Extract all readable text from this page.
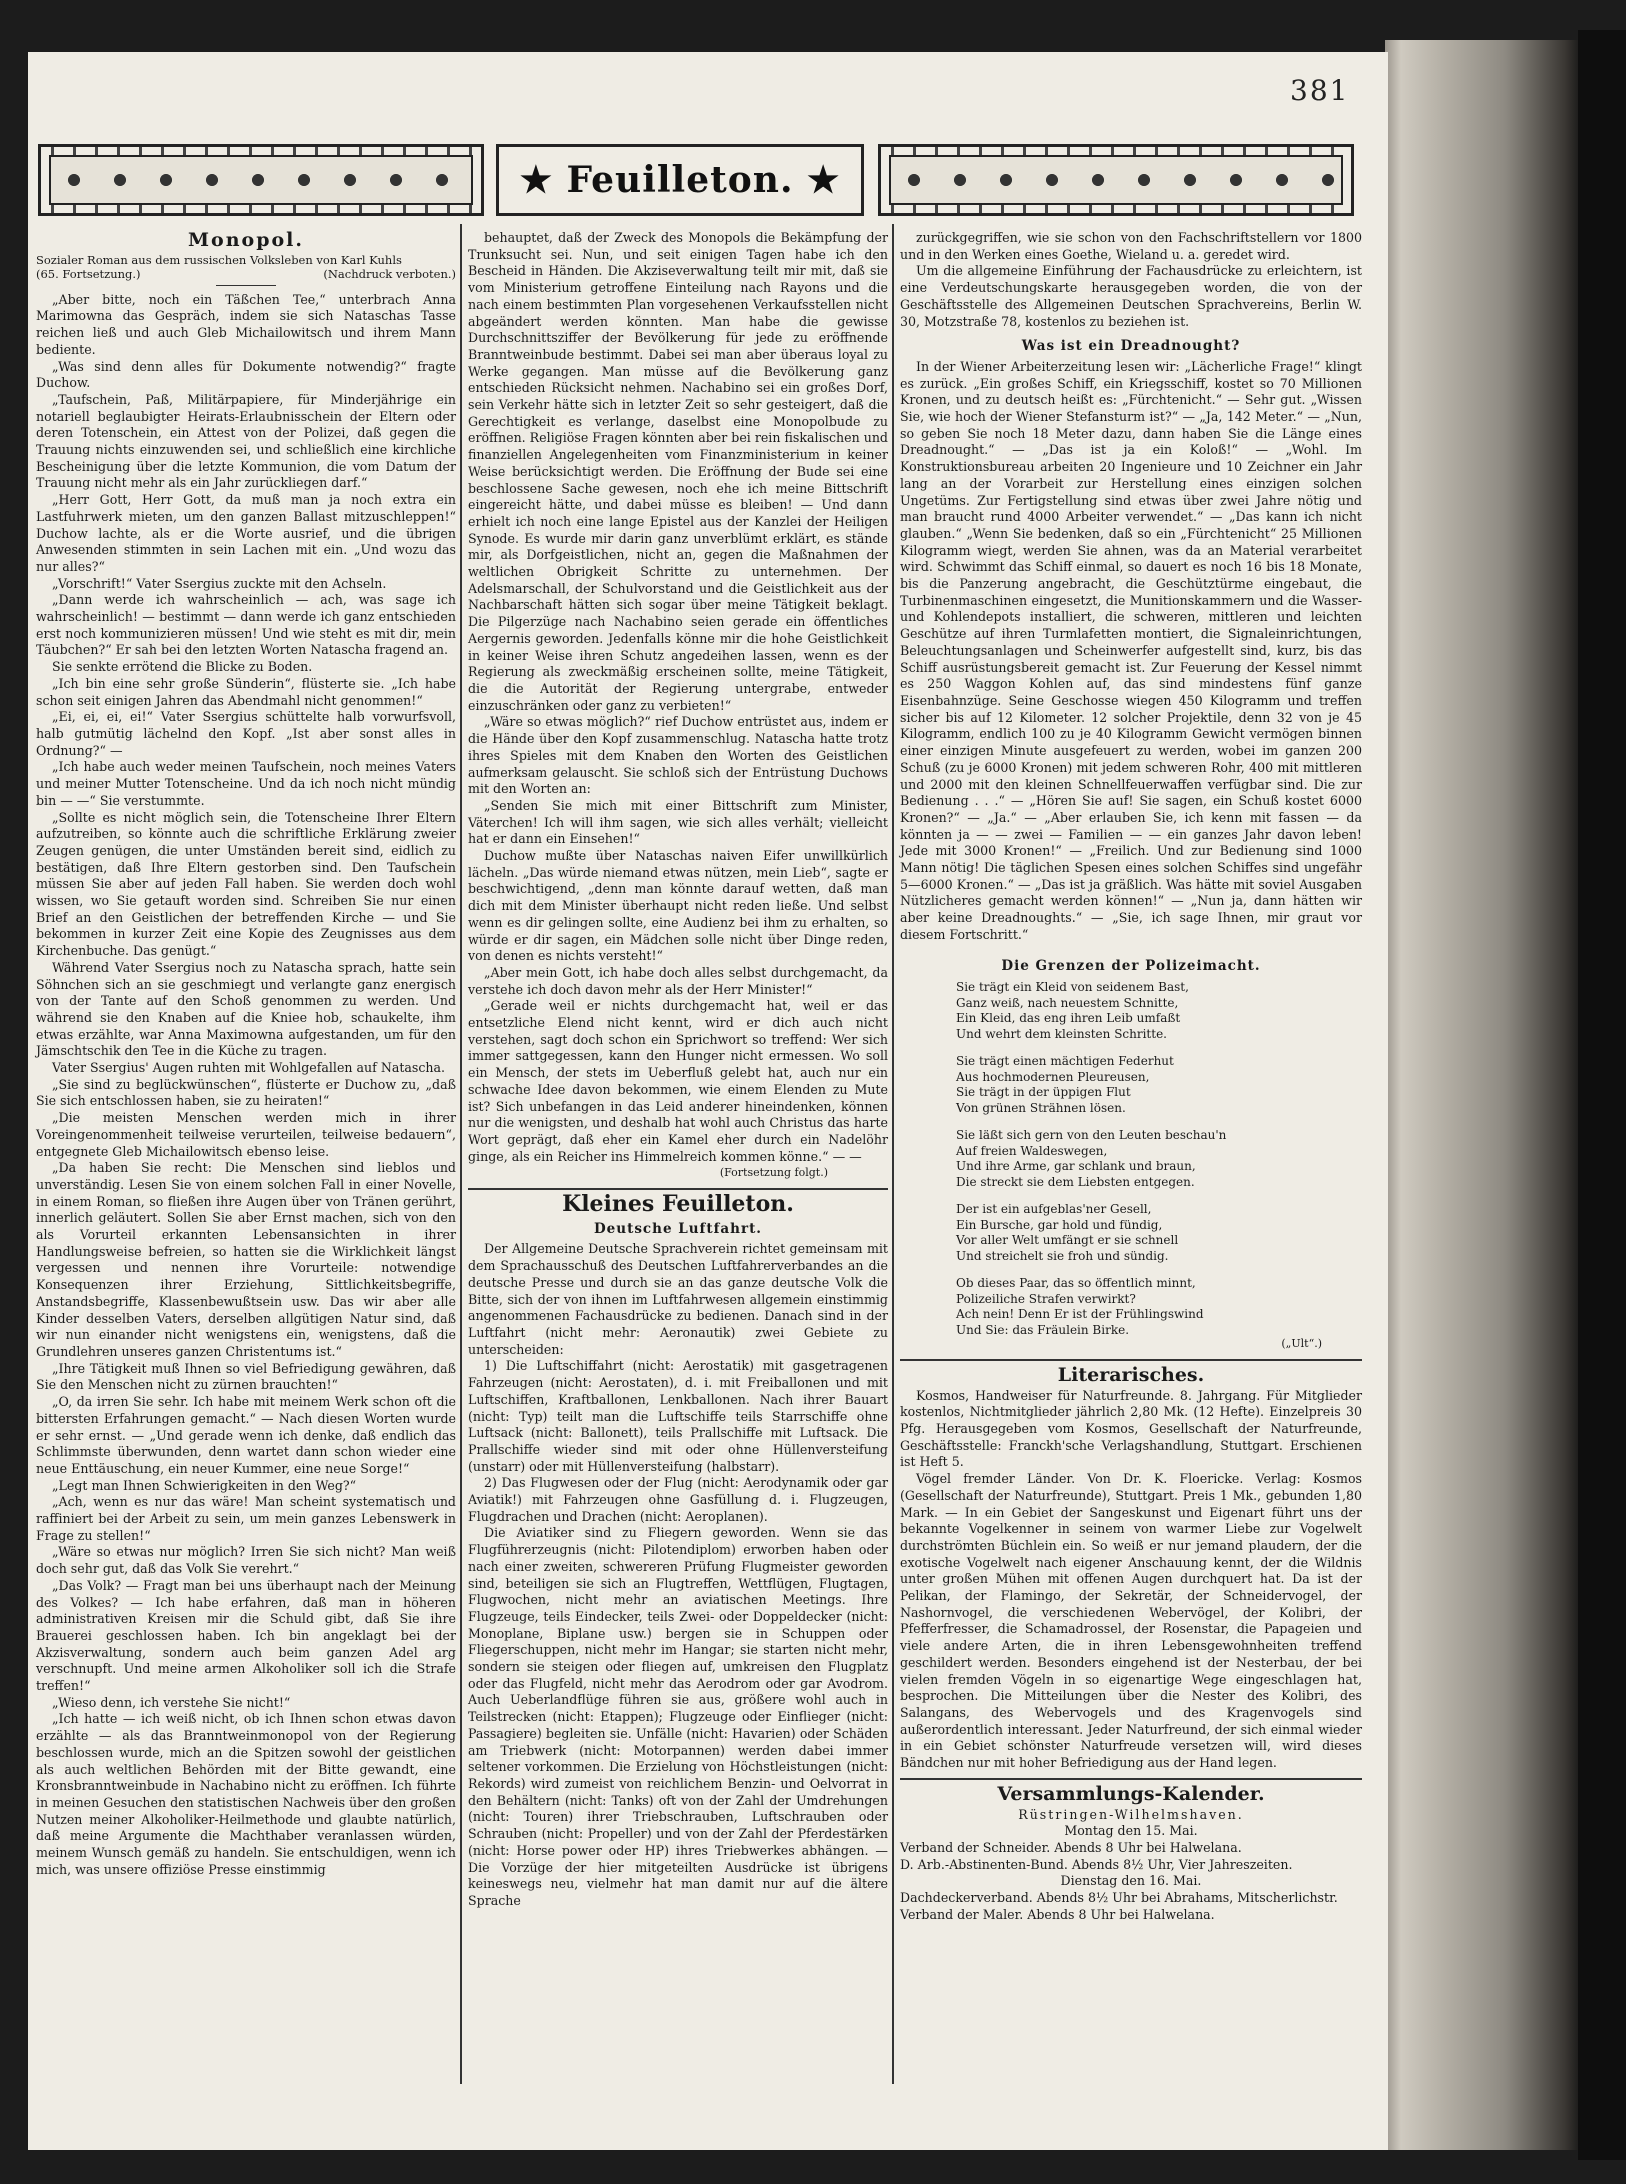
381
★ Feuilleton. ★
Monopol.
Sozialer Roman aus dem russischen Volksleben von Karl Kuhls
(65. Fortsetzung.)	(Nachdruck verboten.)

„Aber bitte, noch ein Täßchen Tee,“ unterbrach Anna Marimowna das Gespräch, indem sie sich Nataschas Tasse reichen ließ und auch Gleb Michailowitsch und ihrem Mann bediente.

„Was sind denn alles für Dokumente notwendig?“ fragte Duchow.

„Taufschein, Paß, Militärpapiere, für Minderjährige ein notariell beglaubigter Heirats-Erlaubnisschein der Eltern oder deren Totenschein, ein Attest von der Polizei, daß gegen die Trauung nichts einzuwenden sei, und schließlich eine kirchliche Bescheinigung über die letzte Kommunion, die vom Datum der Trauung nicht mehr als ein Jahr zurückliegen darf.“

„Herr Gott, Herr Gott, da muß man ja noch extra ein Lastfuhrwerk mieten, um den ganzen Ballast mitzuschleppen!“ Duchow lachte, als er die Worte ausrief, und die übrigen Anwesenden stimmten in sein Lachen mit ein. „Und wozu das nur alles?“

„Vorschrift!“ Vater Ssergius zuckte mit den Achseln.

„Dann werde ich wahrscheinlich — ach, was sage ich wahrscheinlich! — bestimmt — dann werde ich ganz entschieden erst noch kommunizieren müssen! Und wie steht es mit dir, mein Täubchen?“ Er sah bei den letzten Worten Natascha fragend an.

Sie senkte errötend die Blicke zu Boden.

„Ich bin eine sehr große Sünderin“, flüsterte sie. „Ich habe schon seit einigen Jahren das Abendmahl nicht genommen!“

„Ei, ei, ei, ei!“ Vater Ssergius schüttelte halb vorwurfsvoll, halb gutmütig lächelnd den Kopf. „Ist aber sonst alles in Ordnung?“ —

„Ich habe auch weder meinen Taufschein, noch meines Vaters und meiner Mutter Totenscheine. Und da ich noch nicht mündig bin — —“ Sie verstummte.

„Sollte es nicht möglich sein, die Totenscheine Ihrer Eltern aufzutreiben, so könnte auch die schriftliche Erklärung zweier Zeugen genügen, die unter Umständen bereit sind, eidlich zu bestätigen, daß Ihre Eltern gestorben sind. Den Taufschein müssen Sie aber auf jeden Fall haben. Sie werden doch wohl wissen, wo Sie getauft worden sind. Schreiben Sie nur einen Brief an den Geistlichen der betreffenden Kirche — und Sie bekommen in kurzer Zeit eine Kopie des Zeugnisses aus dem Kirchenbuche. Das genügt.“

Während Vater Ssergius noch zu Natascha sprach, hatte sein Söhnchen sich an sie geschmiegt und verlangte ganz energisch von der Tante auf den Schoß genommen zu werden. Und während sie den Knaben auf die Kniee hob, schaukelte, ihm etwas erzählte, war Anna Maximowna aufgestanden, um für den Jämschtschik den Tee in die Küche zu tragen.

Vater Ssergius' Augen ruhten mit Wohlgefallen auf Natascha.

„Sie sind zu beglückwünschen“, flüsterte er Duchow zu, „daß Sie sich entschlossen haben, sie zu heiraten!“

„Die meisten Menschen werden mich in ihrer Voreingenommenheit teilweise verurteilen, teilweise bedauern“, entgegnete Gleb Michailowitsch ebenso leise.

„Da haben Sie recht: Die Menschen sind lieblos und unverständig. Lesen Sie von einem solchen Fall in einer Novelle, in einem Roman, so fließen ihre Augen über von Tränen gerührt, innerlich geläutert. Sollen Sie aber Ernst machen, sich von den als Vorurteil erkannten Lebensansichten in ihrer Handlungsweise befreien, so hatten sie die Wirklichkeit längst vergessen und nennen ihre Vorurteile: notwendige Konsequenzen ihrer Erziehung, Sittlichkeitsbegriffe, Anstandsbegriffe, Klassenbewußtsein usw. Das wir aber alle Kinder desselben Vaters, derselben allgütigen Natur sind, daß wir nun einander nicht wenigstens ein, wenigstens, daß die Grundlehren unseres ganzen Christentums ist.“

„Ihre Tätigkeit muß Ihnen so viel Befriedigung gewähren, daß Sie den Menschen nicht zu zürnen brauchten!“

„O, da irren Sie sehr. Ich habe mit meinem Werk schon oft die bittersten Erfahrungen gemacht.“ — Nach diesen Worten wurde er sehr ernst. — „Und gerade wenn ich denke, daß endlich das Schlimmste überwunden, denn wartet dann schon wieder eine neue Enttäuschung, ein neuer Kummer, eine neue Sorge!“

„Legt man Ihnen Schwierigkeiten in den Weg?“

„Ach, wenn es nur das wäre! Man scheint systematisch und raffiniert bei der Arbeit zu sein, um mein ganzes Lebenswerk in Frage zu stellen!“

„Wäre so etwas nur möglich? Irren Sie sich nicht? Man weiß doch sehr gut, daß das Volk Sie verehrt.“

„Das Volk? — Fragt man bei uns überhaupt nach der Meinung des Volkes? — Ich habe erfahren, daß man in höheren administrativen Kreisen mir die Schuld gibt, daß Sie ihre Brauerei geschlossen haben. Ich bin angeklagt bei der Akzisverwaltung, sondern auch beim ganzen Adel arg verschnupft. Und meine armen Alkoholiker soll ich die Strafe treffen!“

„Wieso denn, ich verstehe Sie nicht!“

„Ich hatte — ich weiß nicht, ob ich Ihnen schon etwas davon erzählte — als das Branntweinmonopol von der Regierung beschlossen wurde, mich an die Spitzen sowohl der geistlichen als auch weltlichen Behörden mit der Bitte gewandt, eine Kronsbranntweinbude in Nachabino nicht zu eröffnen. Ich führte in meinen Gesuchen den statistischen Nachweis über den großen Nutzen meiner Alkoholiker-Heilmethode und glaubte natürlich, daß meine Argumente die Machthaber veranlassen würden, meinem Wunsch gemäß zu handeln. Sie entschuldigen, wenn ich mich, was unsere offiziöse Presse einstimmig

behauptet, daß der Zweck des Monopols die Bekämpfung der Trunksucht sei. Nun, und seit einigen Tagen habe ich den Bescheid in Händen. Die Akziseverwaltung teilt mir mit, daß sie vom Ministerium getroffene Einteilung nach Rayons und die nach einem bestimmten Plan vorgesehenen Verkaufsstellen nicht abgeändert werden könnten. Man habe die gewisse Durchschnittsziffer der Bevölkerung für jede zu eröffnende Branntweinbude bestimmt. Dabei sei man aber überaus loyal zu Werke gegangen. Man müsse auf die Bevölkerung ganz entschieden Rücksicht nehmen. Nachabino sei ein großes Dorf, sein Verkehr hätte sich in letzter Zeit so sehr gesteigert, daß die Gerechtigkeit es verlange, daselbst eine Monopolbude zu eröffnen. Religiöse Fragen könnten aber bei rein fiskalischen und finanziellen Angelegenheiten vom Finanzministerium in keiner Weise berücksichtigt werden. Die Eröffnung der Bude sei eine beschlossene Sache gewesen, noch ehe ich meine Bittschrift eingereicht hätte, und dabei müsse es bleiben! — Und dann erhielt ich noch eine lange Epistel aus der Kanzlei der Heiligen Synode. Es wurde mir darin ganz unverblümt erklärt, es stände mir, als Dorfgeistlichen, nicht an, gegen die Maßnahmen der weltlichen Obrigkeit Schritte zu unternehmen. Der Adelsmarschall, der Schulvorstand und die Geistlichkeit aus der Nachbarschaft hätten sich sogar über meine Tätigkeit beklagt. Die Pilgerzüge nach Nachabino seien gerade ein öffentliches Aergernis geworden. Jedenfalls könne mir die hohe Geistlichkeit in keiner Weise ihren Schutz angedeihen lassen, wenn es der Regierung als zweckmäßig erscheinen sollte, meine Tätigkeit, die die Autorität der Regierung untergrabe, entweder einzuschränken oder ganz zu verbieten!“

„Wäre so etwas möglich?“ rief Duchow entrüstet aus, indem er die Hände über den Kopf zusammenschlug. Natascha hatte trotz ihres Spieles mit dem Knaben den Worten des Geistlichen aufmerksam gelauscht. Sie schloß sich der Entrüstung Duchows mit den Worten an:

„Senden Sie mich mit einer Bittschrift zum Minister, Väterchen! Ich will ihm sagen, wie sich alles verhält; vielleicht hat er dann ein Einsehen!“

Duchow mußte über Nataschas naiven Eifer unwillkürlich lächeln. „Das würde niemand etwas nützen, mein Lieb“, sagte er beschwichtigend, „denn man könnte darauf wetten, daß man dich mit dem Minister überhaupt nicht reden ließe. Und selbst wenn es dir gelingen sollte, eine Audienz bei ihm zu erhalten, so würde er dir sagen, ein Mädchen solle nicht über Dinge reden, von denen es nichts versteht!“

„Aber mein Gott, ich habe doch alles selbst durchgemacht, da verstehe ich doch davon mehr als der Herr Minister!“

„Gerade weil er nichts durchgemacht hat, weil er das entsetzliche Elend nicht kennt, wird er dich auch nicht verstehen, sagt doch schon ein Sprichwort so treffend: Wer sich immer sattgegessen, kann den Hunger nicht ermessen. Wo soll ein Mensch, der stets im Ueberfluß gelebt hat, auch nur ein schwache Idee davon bekommen, wie einem Elenden zu Mute ist? Sich unbefangen in das Leid anderer hineindenken, können nur die wenigsten, und deshalb hat wohl auch Christus das harte Wort geprägt, daß eher ein Kamel eher durch ein Nadelöhr ginge, als ein Reicher ins Himmelreich kommen könne.“ — —

(Fortsetzung folgt.)
Kleines Feuilleton.
Deutsche Luftfahrt.

Der Allgemeine Deutsche Sprachverein richtet gemeinsam mit dem Sprachausschuß des Deutschen Luftfahrerverbandes an die deutsche Presse und durch sie an das ganze deutsche Volk die Bitte, sich der von ihnen im Luftfahrwesen allgemein einstimmig angenommenen Fachausdrücke zu bedienen. Danach sind in der Luftfahrt (nicht mehr: Aeronautik) zwei Gebiete zu unterscheiden:

1) Die Luftschiffahrt (nicht: Aerostatik) mit gasgetragenen Fahrzeugen (nicht: Aerostaten), d. i. mit Freiballonen und mit Luftschiffen, Kraftballonen, Lenkballonen. Nach ihrer Bauart (nicht: Typ) teilt man die Luftschiffe teils Starrschiffe ohne Luftsack (nicht: Ballonett), teils Prallschiffe mit Luftsack. Die Prallschiffe wieder sind mit oder ohne Hüllenversteifung (unstarr) oder mit Hüllenversteifung (halbstarr).

2) Das Flugwesen oder der Flug (nicht: Aerodynamik oder gar Aviatik!) mit Fahrzeugen ohne Gasfüllung d. i. Flugzeugen, Flugdrachen und Drachen (nicht: Aeroplanen).

Die Aviatiker sind zu Fliegern geworden. Wenn sie das Flugführerzeugnis (nicht: Pilotendiplom) erworben haben oder nach einer zweiten, schwereren Prüfung Flugmeister geworden sind, beteiligen sie sich an Flugtreffen, Wettflügen, Flugtagen, Flugwochen, nicht mehr an aviatischen Meetings. Ihre Flugzeuge, teils Eindecker, teils Zwei- oder Doppeldecker (nicht: Monoplane, Biplane usw.) bergen sie in Schuppen oder Fliegerschuppen, nicht mehr im Hangar; sie starten nicht mehr, sondern sie steigen oder fliegen auf, umkreisen den Flugplatz oder das Flugfeld, nicht mehr das Aerodrom oder gar Avodrom. Auch Ueberlandflüge führen sie aus, größere wohl auch in Teilstrecken (nicht: Etappen); Flugzeuge oder Einflieger (nicht: Passagiere) begleiten sie. Unfälle (nicht: Havarien) oder Schäden am Triebwerk (nicht: Motorpannen) werden dabei immer seltener vorkommen. Die Erzielung von Höchstleistungen (nicht: Rekords) wird zumeist von reichlichem Benzin- und Oelvorrat in den Behältern (nicht: Tanks) oft von der Zahl der Umdrehungen (nicht: Touren) ihrer Triebschrauben, Luftschrauben oder Schrauben (nicht: Propeller) und von der Zahl der Pferdestärken (nicht: Horse power oder HP) ihres Triebwerkes abhängen. — Die Vorzüge der hier mitgeteilten Ausdrücke ist übrigens keineswegs neu, vielmehr hat man damit nur auf die ältere Sprache

zurückgegriffen, wie sie schon von den Fachschriftstellern vor 1800 und in den Werken eines Goethe, Wieland u. a. geredet wird.

Um die allgemeine Einführung der Fachausdrücke zu erleichtern, ist eine Verdeutschungskarte herausgegeben worden, die von der Geschäftsstelle des Allgemeinen Deutschen Sprachvereins, Berlin W. 30, Motzstraße 78, kostenlos zu beziehen ist.

Was ist ein Dreadnought?

In der Wiener Arbeiterzeitung lesen wir: „Lächerliche Frage!“ klingt es zurück. „Ein großes Schiff, ein Kriegsschiff, kostet so 70 Millionen Kronen, und zu deutsch heißt es: „Fürchtenicht.“ — Sehr gut. „Wissen Sie, wie hoch der Wiener Stefansturm ist?“ — „Ja, 142 Meter.“ — „Nun, so geben Sie noch 18 Meter dazu, dann haben Sie die Länge eines Dreadnought.“ — „Das ist ja ein Koloß!“ — „Wohl. Im Konstruktionsbureau arbeiten 20 Ingenieure und 10 Zeichner ein Jahr lang an der Vorarbeit zur Herstellung eines einzigen solchen Ungetüms. Zur Fertigstellung sind etwas über zwei Jahre nötig und man braucht rund 4000 Arbeiter verwendet.“ — „Das kann ich nicht glauben.“ „Wenn Sie bedenken, daß so ein „Fürchtenicht“ 25 Millionen Kilogramm wiegt, werden Sie ahnen, was da an Material verarbeitet wird. Schwimmt das Schiff einmal, so dauert es noch 16 bis 18 Monate, bis die Panzerung angebracht, die Geschütztürme eingebaut, die Turbinenmaschinen eingesetzt, die Munitionskammern und die Wasser- und Kohlendepots installiert, die schweren, mittleren und leichten Geschütze auf ihren Turmlafetten montiert, die Signaleinrichtungen, Beleuchtungsanlagen und Scheinwerfer aufgestellt sind, kurz, bis das Schiff ausrüstungsbereit gemacht ist. Zur Feuerung der Kessel nimmt es 250 Waggon Kohlen auf, das sind mindestens fünf ganze Eisenbahnzüge. Seine Geschosse wiegen 450 Kilogramm und treffen sicher bis auf 12 Kilometer. 12 solcher Projektile, denn 32 von je 45 Kilogramm, endlich 100 zu je 40 Kilogramm Gewicht vermögen binnen einer einzigen Minute ausgefeuert zu werden, wobei im ganzen 200 Schuß (zu je 6000 Kronen) mit jedem schweren Rohr, 400 mit mittleren und 2000 mit den kleinen Schnellfeuerwaffen verfügbar sind. Die zur Bedienung . . .“ — „Hören Sie auf! Sie sagen, ein Schuß kostet 6000 Kronen?“ — „Ja.“ — „Aber erlauben Sie, ich kenn mit fassen — da könnten ja — — zwei — Familien — — ein ganzes Jahr davon leben! Jede mit 3000 Kronen!“ — „Freilich. Und zur Bedienung sind 1000 Mann nötig! Die täglichen Spesen eines solchen Schiffes sind ungefähr 5—6000 Kronen.“ — „Das ist ja gräßlich. Was hätte mit soviel Ausgaben Nützlicheres gemacht werden können!“ — „Nun ja, dann hätten wir aber keine Dreadnoughts.“ — „Sie, ich sage Ihnen, mir graut vor diesem Fortschritt.“

Die Grenzen der Polizeimacht.
Sie trägt ein Kleid von seidenem Bast,
Ganz weiß, nach neuestem Schnitte,
Ein Kleid, das eng ihren Leib umfaßt
Und wehrt dem kleinsten Schritte.
Sie trägt einen mächtigen Federhut
Aus hochmodernen Pleureusen,
Sie trägt in der üppigen Flut
Von grünen Strähnen lösen.
Sie läßt sich gern von den Leuten beschau'n
Auf freien Waldeswegen,
Und ihre Arme, gar schlank und braun,
Die streckt sie dem Liebsten entgegen.
Der ist ein aufgeblas'ner Gesell,
Ein Bursche, gar hold und fündig,
Vor aller Welt umfängt er sie schnell
Und streichelt sie froh und sündig.
Ob dieses Paar, das so öffentlich minnt,
Polizeiliche Strafen verwirkt?
Ach nein! Denn Er ist der Frühlingswind
Und Sie: das Fräulein Birke.
(„Ult“.)
Literarisches.

Kosmos, Handweiser für Naturfreunde. 8. Jahrgang. Für Mitglieder kostenlos, Nichtmitglieder jährlich 2,80 Mk. (12 Hefte). Einzelpreis 30 Pfg. Herausgegeben vom Kosmos, Gesellschaft der Naturfreunde, Geschäftsstelle: Franckh'sche Verlagshandlung, Stuttgart. Erschienen ist Heft 5.

Vögel fremder Länder. Von Dr. K. Floericke. Verlag: Kosmos (Gesellschaft der Naturfreunde), Stuttgart. Preis 1 Mk., gebunden 1,80 Mark. — In ein Gebiet der Sangeskunst und Eigenart führt uns der bekannte Vogelkenner in seinem von warmer Liebe zur Vogelwelt durchströmten Büchlein ein. So weiß er nur jemand plaudern, der die exotische Vogelwelt nach eigener Anschauung kennt, der die Wildnis unter großen Mühen mit offenen Augen durchquert hat. Da ist der Pelikan, der Flamingo, der Sekretär, der Schneidervogel, der Nashornvogel, die verschiedenen Webervögel, der Kolibri, der Pfefferfresser, die Schamadrossel, der Rosenstar, die Papageien und viele andere Arten, die in ihren Lebensgewohnheiten treffend geschildert werden. Besonders eingehend ist der Nesterbau, der bei vielen fremden Vögeln in so eigenartige Wege eingeschlagen hat, besprochen. Die Mitteilungen über die Nester des Kolibri, des Salangans, des Webervogels und des Kragenvogels sind außerordentlich interessant. Jeder Naturfreund, der sich einmal wieder in ein Gebiet schönster Naturfreude versetzen will, wird dieses Bändchen nur mit hoher Befriedigung aus der Hand legen.

Versammlungs-Kalender.
Rüstringen-Wilhelmshaven.
Montag den 15. Mai.
Verband der Schneider. Abends 8 Uhr bei Halwelana.
D. Arb.-Abstinenten-Bund. Abends 8½ Uhr, Vier Jahreszeiten.
Dienstag den 16. Mai.
Dachdeckerverband. Abends 8½ Uhr bei Abrahams, Mitscherlichstr.
Verband der Maler. Abends 8 Uhr bei Halwelana.
